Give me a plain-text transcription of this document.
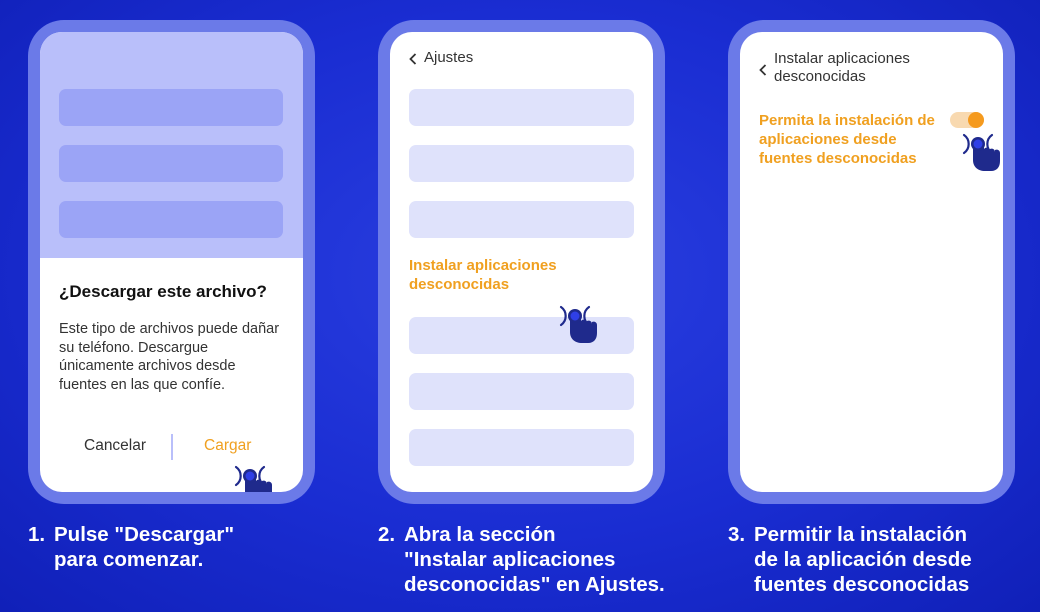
¿Descargar este archivo?
Este tipo de archivos puede dañar su teléfono. Descargue únicamente archivos desde fuentes en las que confíe.
Cancelar	Cargar
Ajustes
Instalar aplicaciones
desconocidas
Instalar aplicaciones
desconocidas
Permita la instalación de
aplicaciones desde
fuentes desconocidas
1. Pulse "Descargar"
para comenzar.
2. Abra la sección
"Instalar aplicaciones
desconocidas" en Ajustes.
3. Permitir la instalación
de la aplicación desde
fuentes desconocidas
